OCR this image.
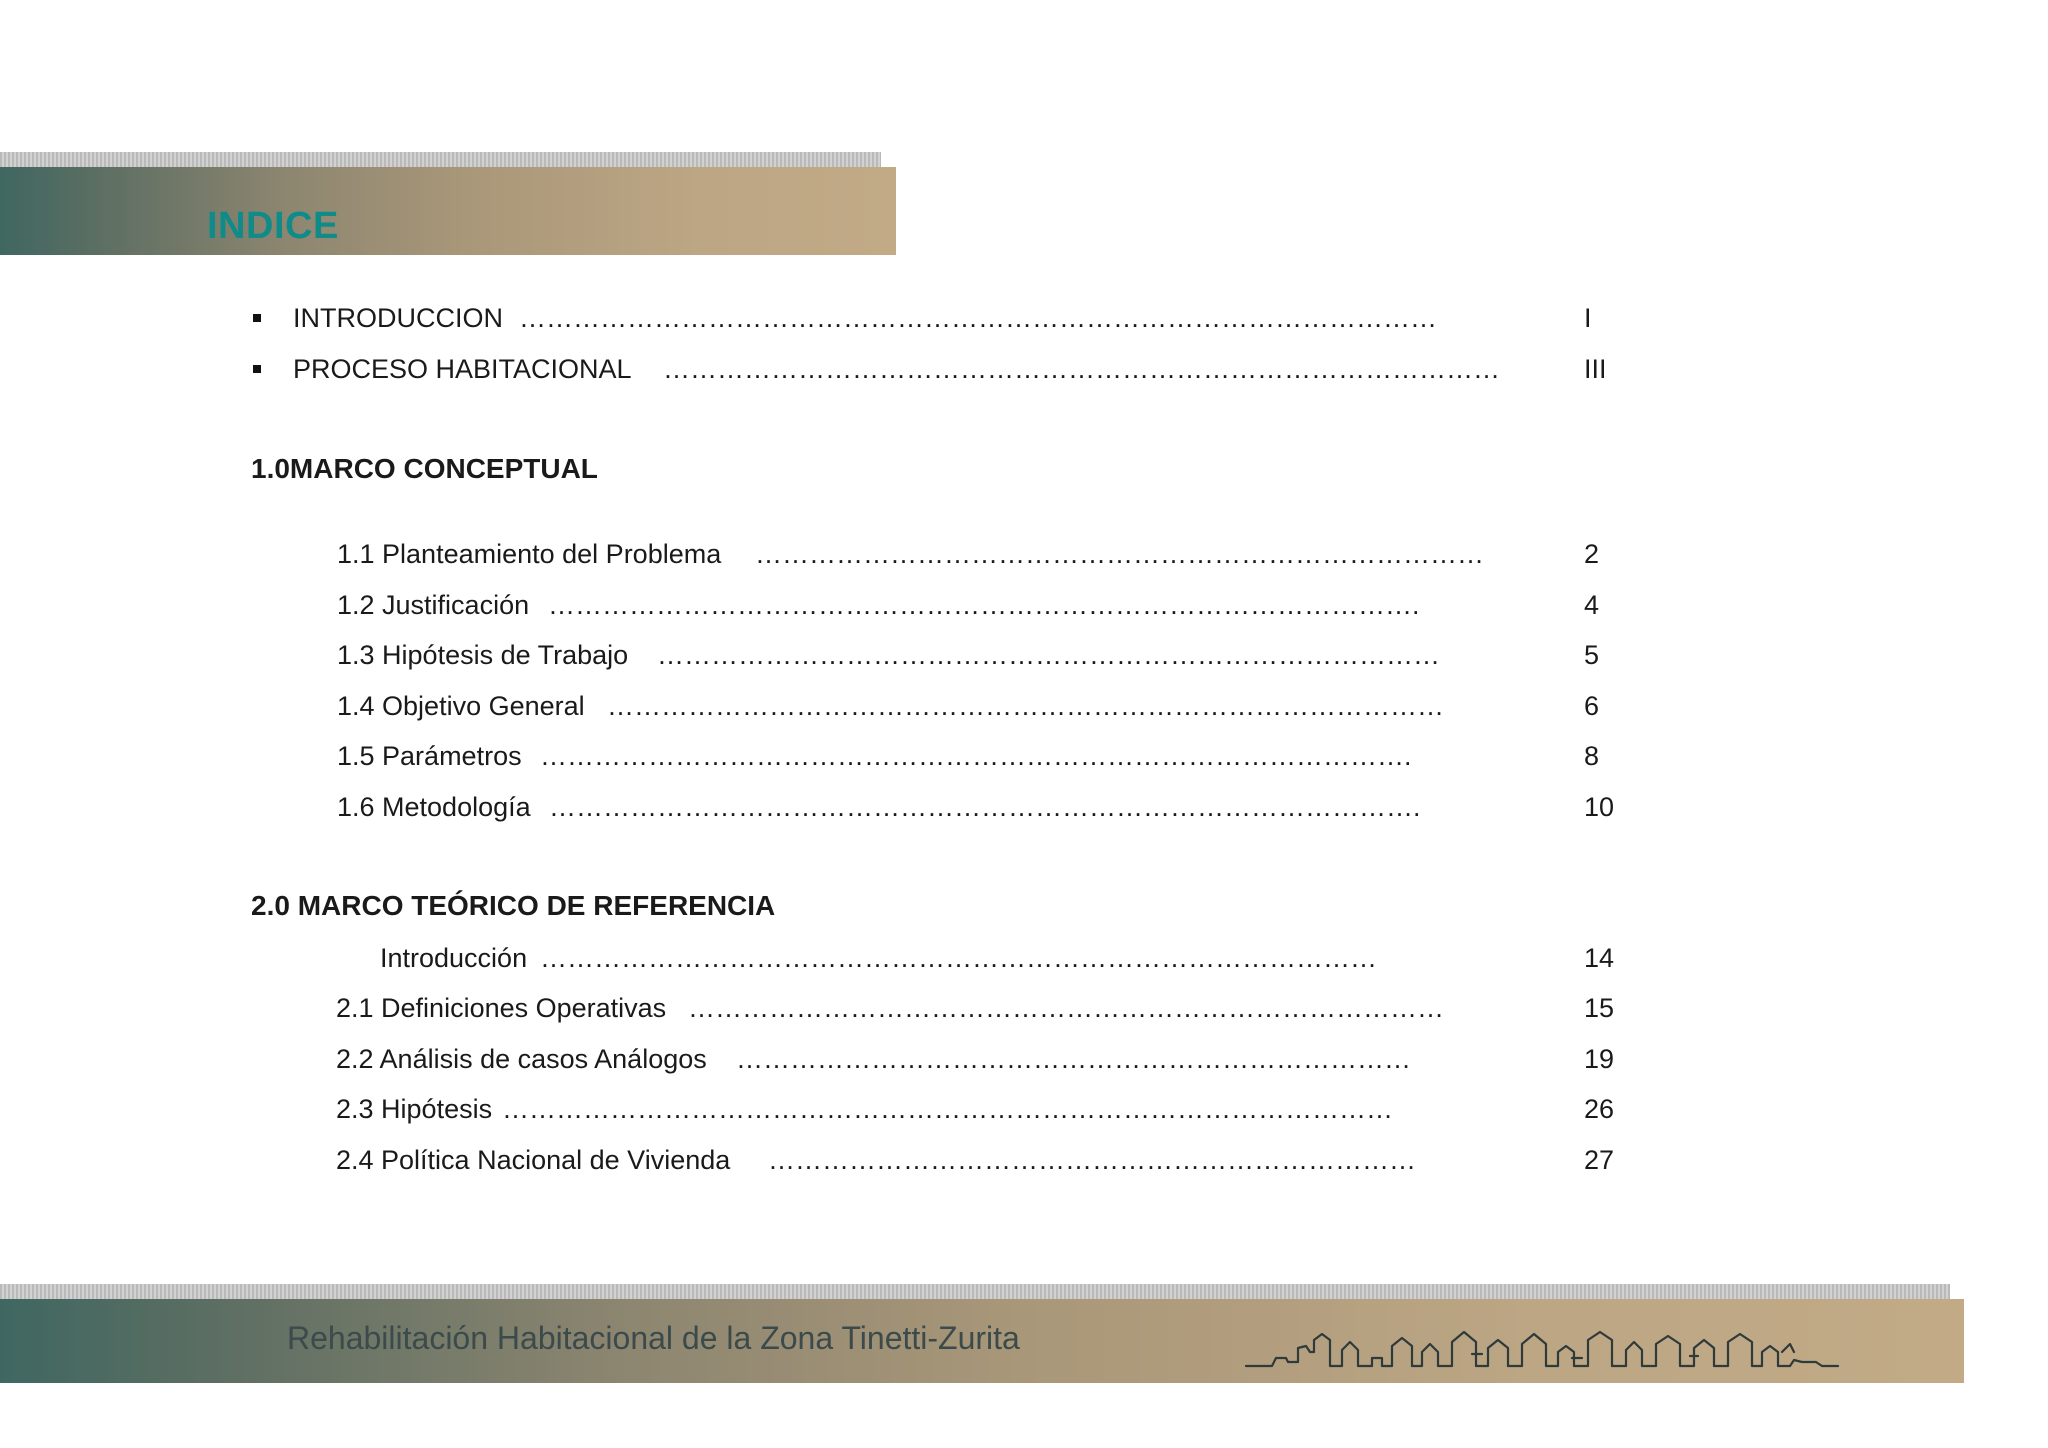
INDICE
INTRODUCCION …………………………………………………………………………………………	I
PROCESO HABITACIONAL …………………………………………………………………………………	III
1.0MARCO CONCEPTUAL
1.1 Planteamiento del Problema ………………………………………………………………………	2
1.2 Justificación …………………………………………………………………………………….	4
1.3 Hipótesis de Trabajo ……………………………………………………………………………	5
1.4 Objetivo General …………………………………………………………………………………	6
1.5 Parámetros …………………………………………………………………………………….	8
1.6 Metodología …………………………………………………………………………………….	10
2.0 MARCO TEÓRICO DE REFERENCIA
Introducción …………………………………………………………………………………	14
2.1 Definiciones Operativas …………………………………………………………………………	15
2.2 Análisis de casos Análogos …………………………………………………………………	19
2.3 Hipótesis ………………………………………………………………………………………	26
2.4 Política Nacional de Vivienda ………………………………………………………………	27
Rehabilitación Habitacional de la Zona Tinetti-Zurita
